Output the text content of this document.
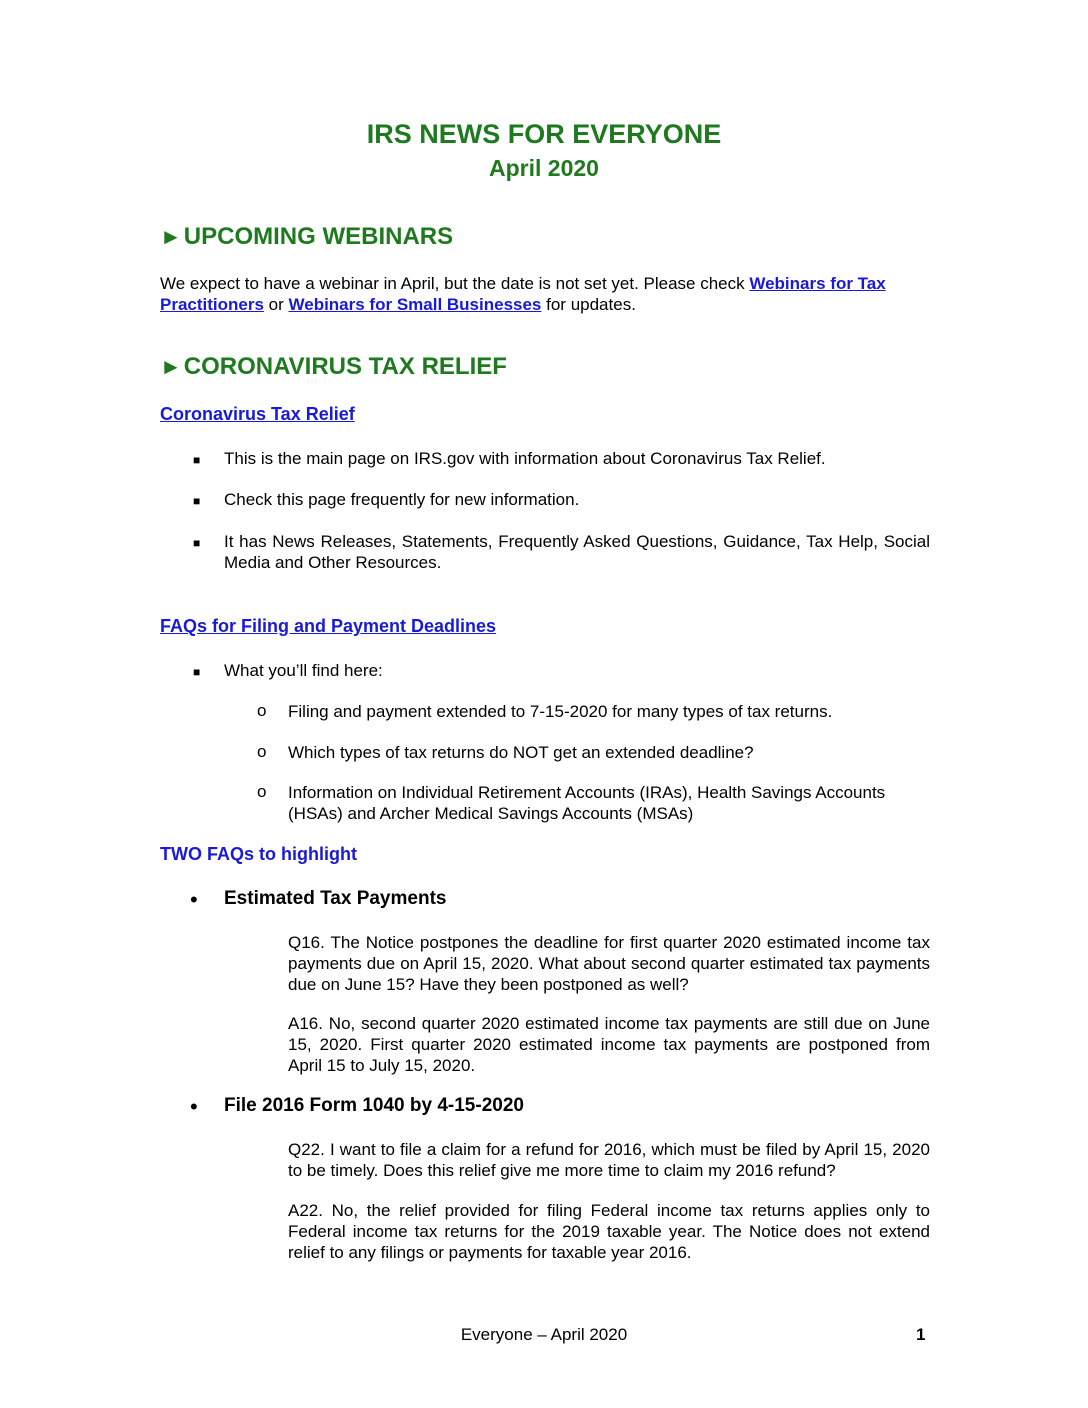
IRS NEWS FOR EVERYONE
April 2020
►UPCOMING WEBINARS
We expect to have a webinar in April, but the date is not set yet. Please check Webinars for Tax Practitioners or Webinars for Small Businesses for updates.
►CORONAVIRUS TAX RELIEF
Coronavirus Tax Relief
■ This is the main page on IRS.gov with information about Coronavirus Tax Relief.
■ Check this page frequently for new information.
■ It has News Releases, Statements, Frequently Asked Questions, Guidance, Tax Help, Social Media and Other Resources.
FAQs for Filing and Payment Deadlines
■ What you’ll find here:
o Filing and payment extended to 7-15-2020 for many types of tax returns.
o Which types of tax returns do NOT get an extended deadline?
o Information on Individual Retirement Accounts (IRAs), Health Savings Accounts (HSAs) and Archer Medical Savings Accounts (MSAs)
TWO FAQs to highlight
• Estimated Tax Payments
Q16. The Notice postpones the deadline for first quarter 2020 estimated income tax payments due on April 15, 2020. What about second quarter estimated tax payments due on June 15? Have they been postponed as well?
A16. No, second quarter 2020 estimated income tax payments are still due on June 15, 2020. First quarter 2020 estimated income tax payments are postponed from April 15 to July 15, 2020.
• File 2016 Form 1040 by 4-15-2020
Q22. I want to file a claim for a refund for 2016, which must be filed by April 15, 2020 to be timely. Does this relief give me more time to claim my 2016 refund?
A22. No, the relief provided for filing Federal income tax returns applies only to Federal income tax returns for the 2019 taxable year. The Notice does not extend relief to any filings or payments for taxable year 2016.
Everyone – April 2020	1
